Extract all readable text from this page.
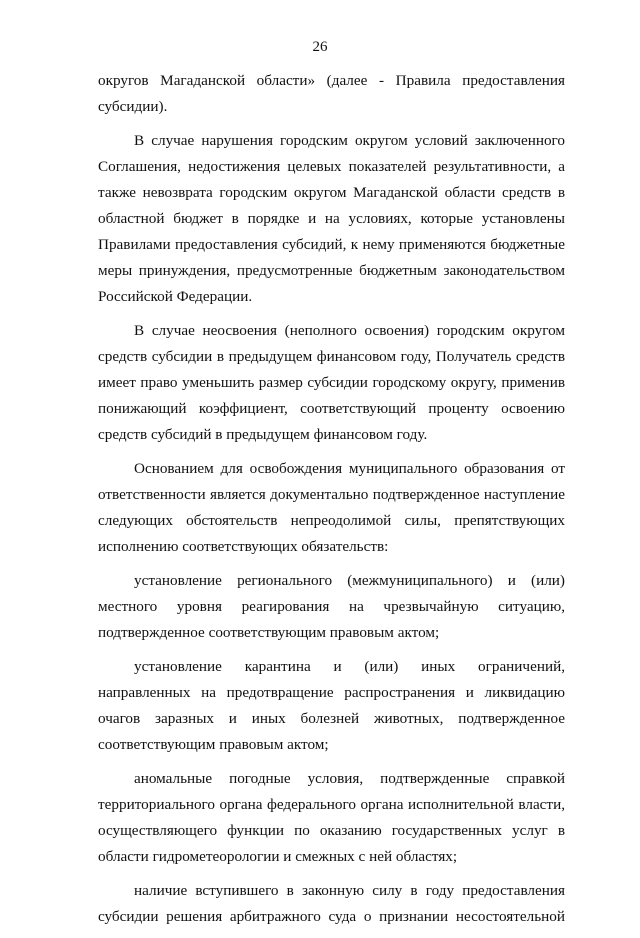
26

округов Магаданской области» (далее - Правила предоставления субсидии).

В случае нарушения городским округом условий заключенного Соглашения, недостижения целевых показателей результативности, а также невозврата городским округом Магаданской области средств в областной бюджет в порядке и на условиях, которые установлены Правилами предоставления субсидий, к нему применяются бюджетные меры принуждения, предусмотренные бюджетным законодательством Российской Федерации.

В случае неосвоения (неполного освоения) городским округом средств субсидии в предыдущем финансовом году, Получатель средств имеет право уменьшить размер субсидии городскому округу, применив понижающий коэффициент, соответствующий проценту освоению средств субсидий в предыдущем финансовом году.

Основанием для освобождения муниципального образования от ответственности является документально подтвержденное наступление следующих обстоятельств непреодолимой силы, препятствующих исполнению соответствующих обязательств:

установление регионального (межмуниципального) и (или) местного уровня реагирования на чрезвычайную ситуацию, подтвержденное соответствующим правовым актом;

установление карантина и (или) иных ограничений, направленных на предотвращение распространения и ликвидацию очагов заразных и иных болезней животных, подтвержденное соответствующим правовым актом;

аномальные погодные условия, подтвержденные справкой территориального органа федерального органа исполнительной власти, осуществляющего функции по оказанию государственных услуг в области гидрометеорологии и смежных с ней областях;

наличие вступившего в законную силу в году предоставления субсидии решения арбитражного суда о признании несостоятельной
